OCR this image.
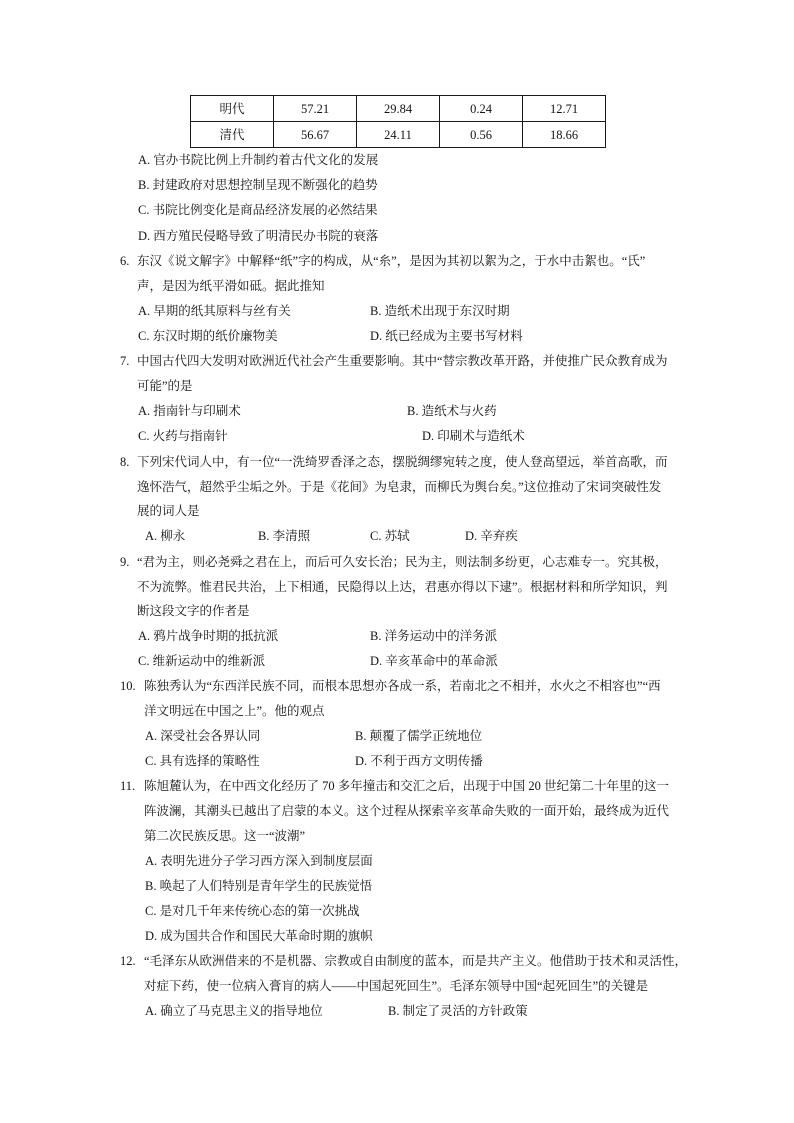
明代	57.21	29.84	0.24	12.71
清代	56.67	24.11	0.56	18.66
A. 官办书院比例上升制约着古代文化的发展
B. 封建政府对思想控制呈现不断强化的趋势
C. 书院比例变化是商品经济发展的必然结果
D. 西方殖民侵略导致了明清民办书院的衰落
6. 东汉《说文解字》中解释“纸”字的构成，从“糸”，是因为其初以絮为之，于水中击絮也。“氏”
声，是因为纸平滑如砥。据此推知
A. 早期的纸其原料与丝有关	B. 造纸术出现于东汉时期
C. 东汉时期的纸价廉物美	D. 纸已经成为主要书写材料
7. 中国古代四大发明对欧洲近代社会产生重要影响。其中“替宗教改革开路，并使推广民众教育成为
可能”的是
A. 指南针与印刷术	B. 造纸术与火药
C. 火药与指南针	D. 印刷术与造纸术
8. 下列宋代词人中，有一位“一洗绮罗香泽之态，摆脱绸缪宛转之度，使人登高望远，举首高歌，而
逸怀浩气，超然乎尘垢之外。于是《花间》为皂隶，而柳氏为舆台矣。”这位推动了宋词突破性发
展的词人是
A. 柳永	B. 李清照	C. 苏轼	D. 辛弃疾
9. “君为主，则必尧舜之君在上，而后可久安长治；民为主，则法制多纷更，心志难专一。究其极，
不为流弊。惟君民共治，上下相通，民隐得以上达，君惠亦得以下逮”。根据材料和所学知识，判
断这段文字的作者是
A. 鸦片战争时期的抵抗派	B. 洋务运动中的洋务派
C. 维新运动中的维新派	D. 辛亥革命中的革命派
10. 陈独秀认为“东西洋民族不同，而根本思想亦各成一系，若南北之不相并，水火之不相容也”“西
洋文明远在中国之上”。他的观点
A. 深受社会各界认同	B. 颠覆了儒学正统地位
C. 具有选择的策略性	D. 不利于西方文明传播
11. 陈旭麓认为，在中西文化经历了 70 多年撞击和交汇之后，出现于中国 20 世纪第二十年里的这一
阵波澜，其潮头已越出了启蒙的本义。这个过程从探索辛亥革命失败的一面开始，最终成为近代
第二次民族反思。这一“波潮”
A. 表明先进分子学习西方深入到制度层面
B. 唤起了人们特别是青年学生的民族觉悟
C. 是对几千年来传统心态的第一次挑战
D. 成为国共合作和国民大革命时期的旗帜
12. “毛泽东从欧洲借来的不是机器、宗教或自由制度的蓝本，而是共产主义。他借助于技术和灵活性，
对症下药，使一位病入膏肓的病人——中国起死回生”。毛泽东领导中国“起死回生”的关键是
A. 确立了马克思主义的指导地位	B. 制定了灵活的方针政策
